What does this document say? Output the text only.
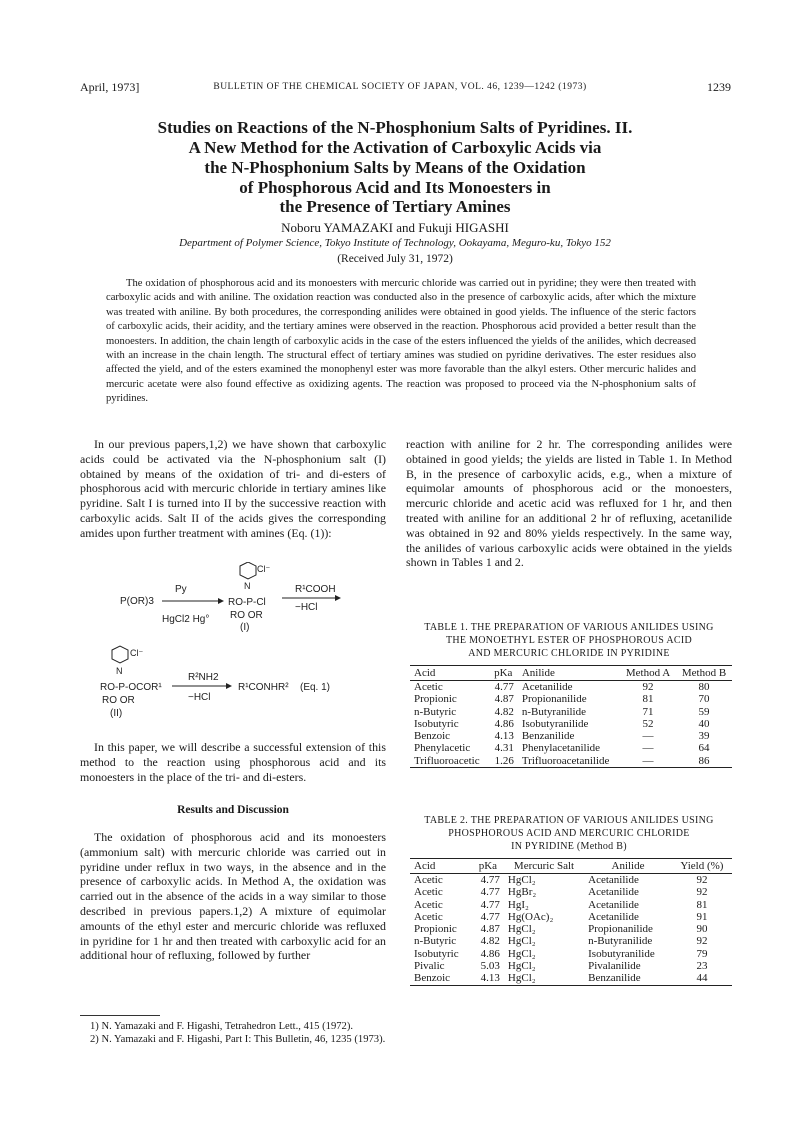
April, 1973]	BULLETIN OF THE CHEMICAL SOCIETY OF JAPAN, VOL. 46, 1239—1242 (1973)	1239
Studies on Reactions of the N-Phosphonium Salts of Pyridines. II.
A New Method for the Activation of Carboxylic Acids via
the N-Phosphonium Salts by Means of the Oxidation
of Phosphorous Acid and Its Monoesters in
the Presence of Tertiary Amines
Noboru YAMAZAKI and Fukuji HIGASHI
Department of Polymer Science, Tokyo Institute of Technology, Ookayama, Meguro-ku, Tokyo 152
(Received July 31, 1972)
The oxidation of phosphorous acid and its monoesters with mercuric chloride was carried out in pyridine; they were then treated with carboxylic acids and with aniline. The oxidation reaction was conducted also in the presence of carboxylic acids, after which the mixture was treated with aniline. By both procedures, the corresponding anilides were obtained in good yields. The influence of the steric factors of carboxylic acids, their acidity, and the tertiary amines were observed in the reaction. Phosphorous acid provided a better result than the monoesters. In addition, the chain length of carboxylic acids in the case of the esters influenced the yields of the anilides, which decreased with an increase in the chain length. The structural effect of tertiary amines was studied on pyridine derivatives. The ester residues also affected the yield, and of the esters examined the monophenyl ester was more favorable than the alkyl esters. Other mercuric halides and mercuric acetate were also found effective as oxidizing agents. The reaction was proposed to proceed via the N-phosphonium salts of pyridines.
In our previous papers,1,2) we have shown that carboxylic acids could be activated via the N-phosphonium salt (I) obtained by means of the oxidation of tri- and di-esters of phosphorous acid with mercuric chloride in tertiary amines like pyridine. Salt I is turned into II by the successive reaction with carboxylic acids. Salt II of the acids gives the corresponding amides upon further treatment with amines (Eq. (1)):
P(OR)3
Py
HgCl2 Hg°
Cl⁻
N
RO-P-Cl
RO OR
(I)
R¹COOH
−HCl
Cl⁻
N
RO-P-OCOR¹
RO OR
(II)
R²NH2
−HCl
R¹CONHR² (Eq. 1)
In this paper, we will describe a successful extension of this method to the reaction using phosphorous acid and its monoesters in the place of the tri- and di-esters.
Results and Discussion
The oxidation of phosphorous acid and its monoesters (ammonium salt) with mercuric chloride was carried out in pyridine under reflux in two ways, in the absence and in the presence of carboxylic acids. In Method A, the oxidation was carried out in the absence of the acids in a way similar to those described in previous papers.1,2) A mixture of equimolar amounts of the ethyl ester and mercuric chloride was refluxed in pyridine for 1 hr and then treated with carboxylic acid for an additional hour of refluxing, followed by further
1) N. Yamazaki and F. Higashi, Tetrahedron Lett., 415 (1972).
2) N. Yamazaki and F. Higashi, Part I: This Bulletin, 46, 1235 (1973).
reaction with aniline for 2 hr. The corresponding anilides were obtained in good yields; the yields are listed in Table 1. In Method B, in the presence of carboxylic acids, e.g., when a mixture of equimolar amounts of phosphorous acid or the monoesters, mercuric chloride and acetic acid was refluxed for 1 hr, and then treated with aniline for an additional 2 hr of refluxing, acetanilide was obtained in 92 and 80% yields respectively. In the same way, the anilides of various carboxylic acids were obtained in the yields shown in Tables 1 and 2.
TABLE 1. THE PREPARATION OF VARIOUS ANILIDES USING
THE MONOETHYL ESTER OF PHOSPHOROUS ACID
AND MERCURIC CHLORIDE IN PYRIDINE
Acid	pKa	Anilide	Method A	Method B
Acetic	4.77	Acetanilide	92	80
Propionic	4.87	Propionanilide	81	70
n-Butyric	4.82	n-Butyranilide	71	59
Isobutyric	4.86	Isobutyranilide	52	40
Benzoic	4.13	Benzanilide	—	39
Phenylacetic	4.31	Phenylacetanilide	—	64
Trifluoroacetic	1.26	Trifluoroacetanilide	—	86
TABLE 2. THE PREPARATION OF VARIOUS ANILIDES USING
PHOSPHOROUS ACID AND MERCURIC CHLORIDE
IN PYRIDINE (Method B)
Acid	pKa	Mercuric Salt	Anilide	Yield (%)
Acetic	4.77	HgCl₂	Acetanilide	92
Acetic	4.77	HgBr₂	Acetanilide	92
Acetic	4.77	HgI₂	Acetanilide	81
Acetic	4.77	Hg(OAc)₂	Acetanilide	91
Propionic	4.87	HgCl₂	Propionanilide	90
n-Butyric	4.82	HgCl₂	n-Butyranilide	92
Isobutyric	4.86	HgCl₂	Isobutyranilide	79
Pivalic	5.03	HgCl₂	Pivalanilide	23
Benzoic	4.13	HgCl₂	Benzanilide	44
